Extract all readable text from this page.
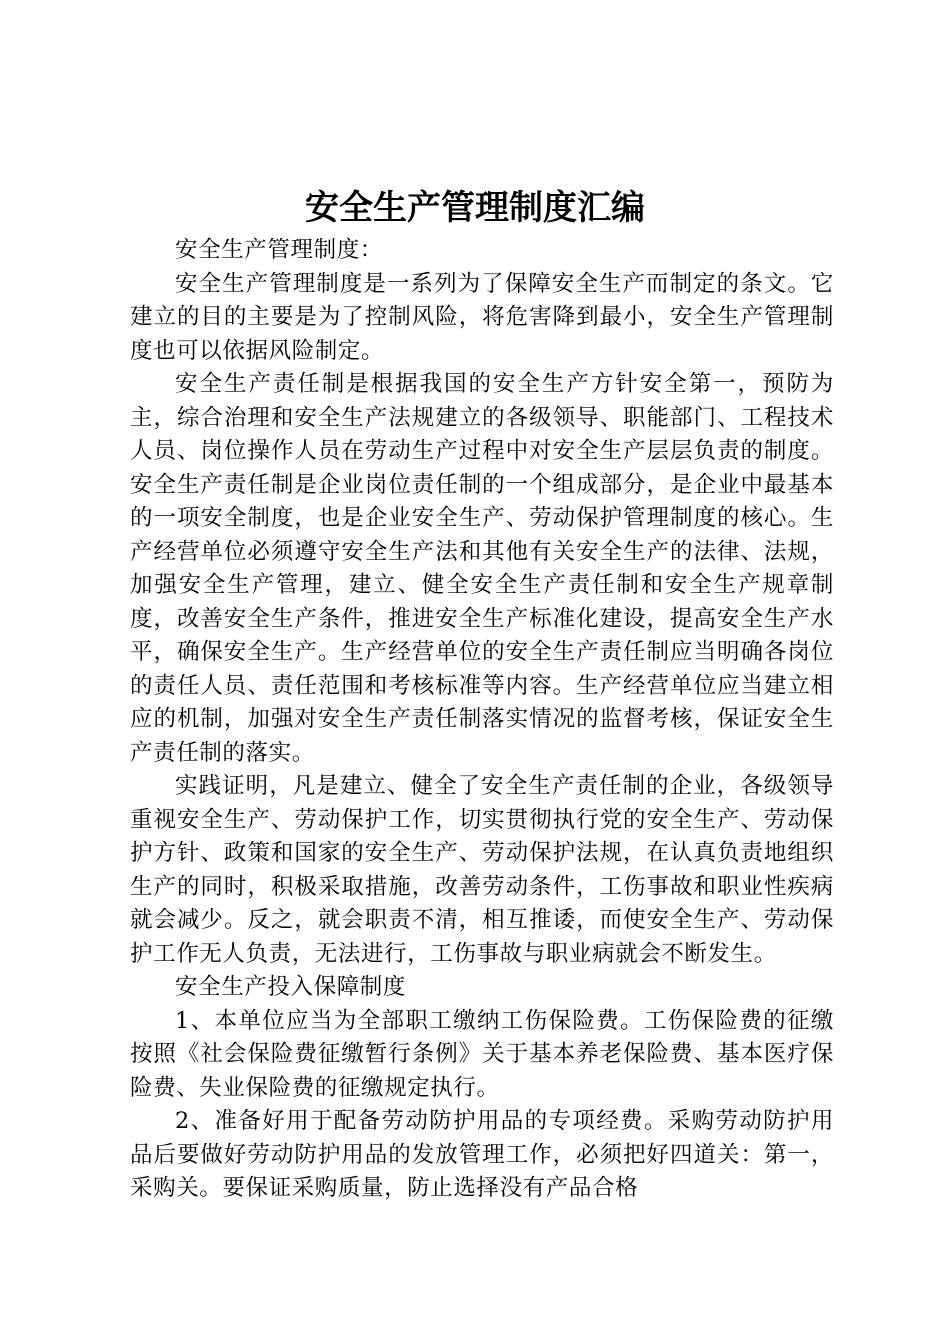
安全生产管理制度汇编

安全生产管理制度：

安全生产管理制度是一系列为了保障安全生产而制定的条文。它建立的目的主要是为了控制风险，将危害降到最小，安全生产管理制度也可以依据风险制定。

安全生产责任制是根据我国的安全生产方针安全第一，预防为主，综合治理和安全生产法规建立的各级领导、职能部门、工程技术人员、岗位操作人员在劳动生产过程中对安全生产层层负责的制度。安全生产责任制是企业岗位责任制的一个组成部分，是企业中最基本的一项安全制度，也是企业安全生产、劳动保护管理制度的核心。生产经营单位必须遵守安全生产法和其他有关安全生产的法律、法规，加强安全生产管理，建立、健全安全生产责任制和安全生产规章制度，改善安全生产条件，推进安全生产标准化建设，提高安全生产水平，确保安全生产。生产经营单位的安全生产责任制应当明确各岗位的责任人员、责任范围和考核标准等内容。生产经营单位应当建立相应的机制，加强对安全生产责任制落实情况的监督考核，保证安全生产责任制的落实。

实践证明，凡是建立、健全了安全生产责任制的企业，各级领导重视安全生产、劳动保护工作，切实贯彻执行党的安全生产、劳动保护方针、政策和国家的安全生产、劳动保护法规，在认真负责地组织生产的同时，积极采取措施，改善劳动条件，工伤事故和职业性疾病就会减少。反之，就会职责不清，相互推诿，而使安全生产、劳动保护工作无人负责，无法进行，工伤事故与职业病就会不断发生。

安全生产投入保障制度

1、本单位应当为全部职工缴纳工伤保险费。工伤保险费的征缴按照《社会保险费征缴暂行条例》关于基本养老保险费、基本医疗保险费、失业保险费的征缴规定执行。

2、准备好用于配备劳动防护用品的专项经费。采购劳动防护用品后要做好劳动防护用品的发放管理工作，必须把好四道关：第一，采购关。要保证采购质量，防止选择没有产品合格
